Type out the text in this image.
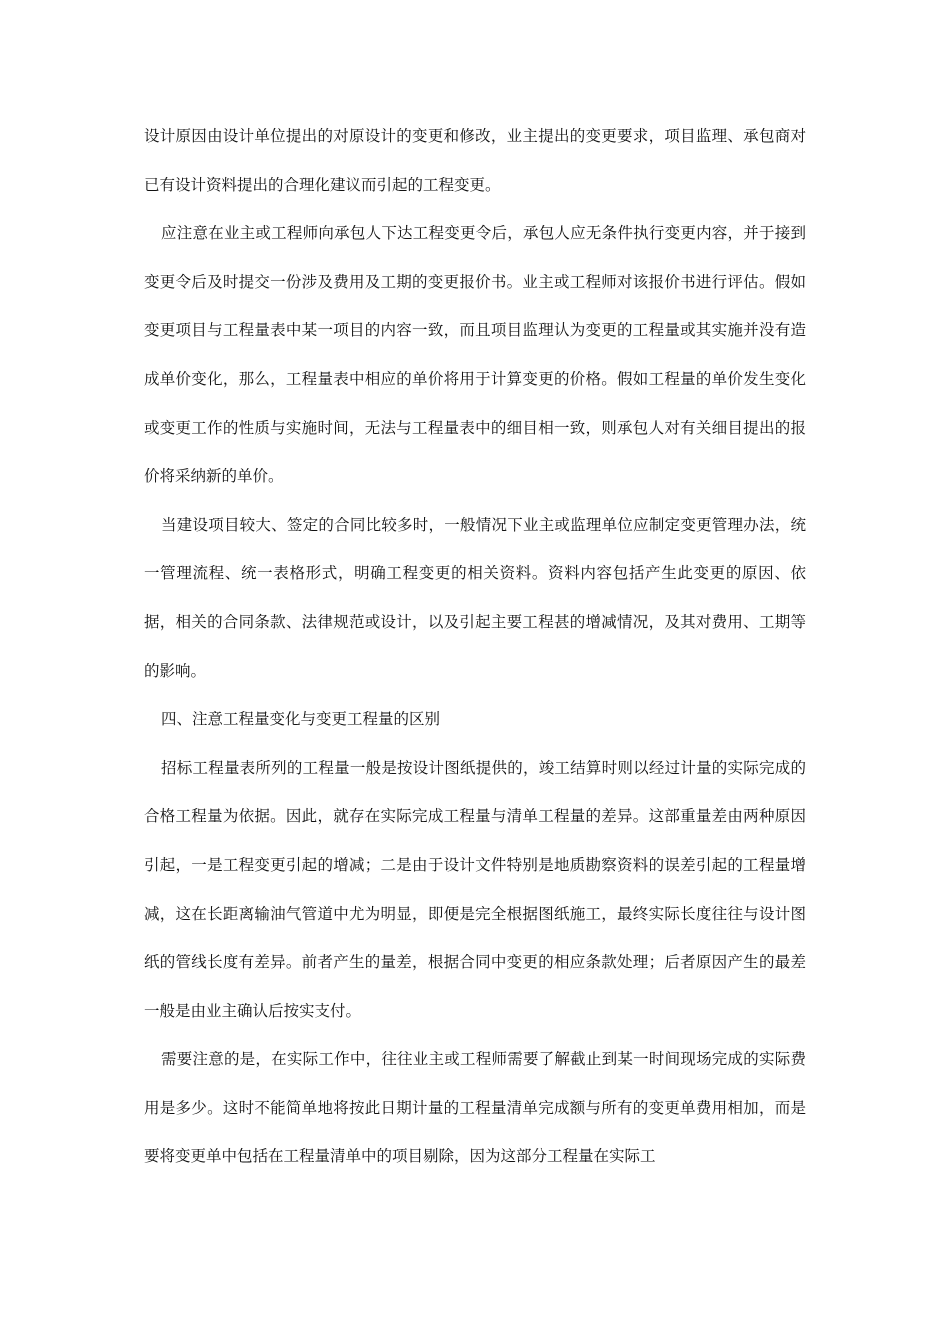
设计原因由设计单位提出的对原设计的变更和修改，业主提出的变更要求，项目监理、承包商对已有设计资料提出的合理化建议而引起的工程变更。

应注意在业主或工程师向承包人下达工程变更令后，承包人应无条件执行变更内容，并于接到变更令后及时提交一份涉及费用及工期的变更报价书。业主或工程师对该报价书进行评估。假如变更项目与工程量表中某一项目的内容一致，而且项目监理认为变更的工程量或其实施并没有造成单价变化，那么，工程量表中相应的单价将用于计算变更的价格。假如工程量的单价发生变化或变更工作的性质与实施时间，无法与工程量表中的细目相一致，则承包人对有关细目提出的报价将采纳新的单价。

当建设项目较大、签定的合同比较多时，一般情况下业主或监理单位应制定变更管理办法，统一管理流程、统一表格形式，明确工程变更的相关资料。资料内容包括产生此变更的原因、依据，相关的合同条款、法律规范或设计，以及引起主要工程甚的增减情况，及其对费用、工期等的影响。

四、注意工程量变化与变更工程量的区别

招标工程量表所列的工程量一般是按设计图纸提供的，竣工结算时则以经过计量的实际完成的合格工程量为依据。因此，就存在实际完成工程量与清单工程量的差异。这部重量差由两种原因引起，一是工程变更引起的增减；二是由于设计文件特别是地质勘察资料的误差引起的工程量增减，这在长距离输油气管道中尤为明显，即便是完全根据图纸施工，最终实际长度往往与设计图纸的管线长度有差异。前者产生的量差，根据合同中变更的相应条款处理；后者原因产生的最差一般是由业主确认后按实支付。

需要注意的是，在实际工作中，往往业主或工程师需要了解截止到某一时间现场完成的实际费用是多少。这时不能简单地将按此日期计量的工程量清单完成额与所有的变更单费用相加，而是要将变更单中包括在工程量清单中的项目剔除，因为这部分工程量在实际工
